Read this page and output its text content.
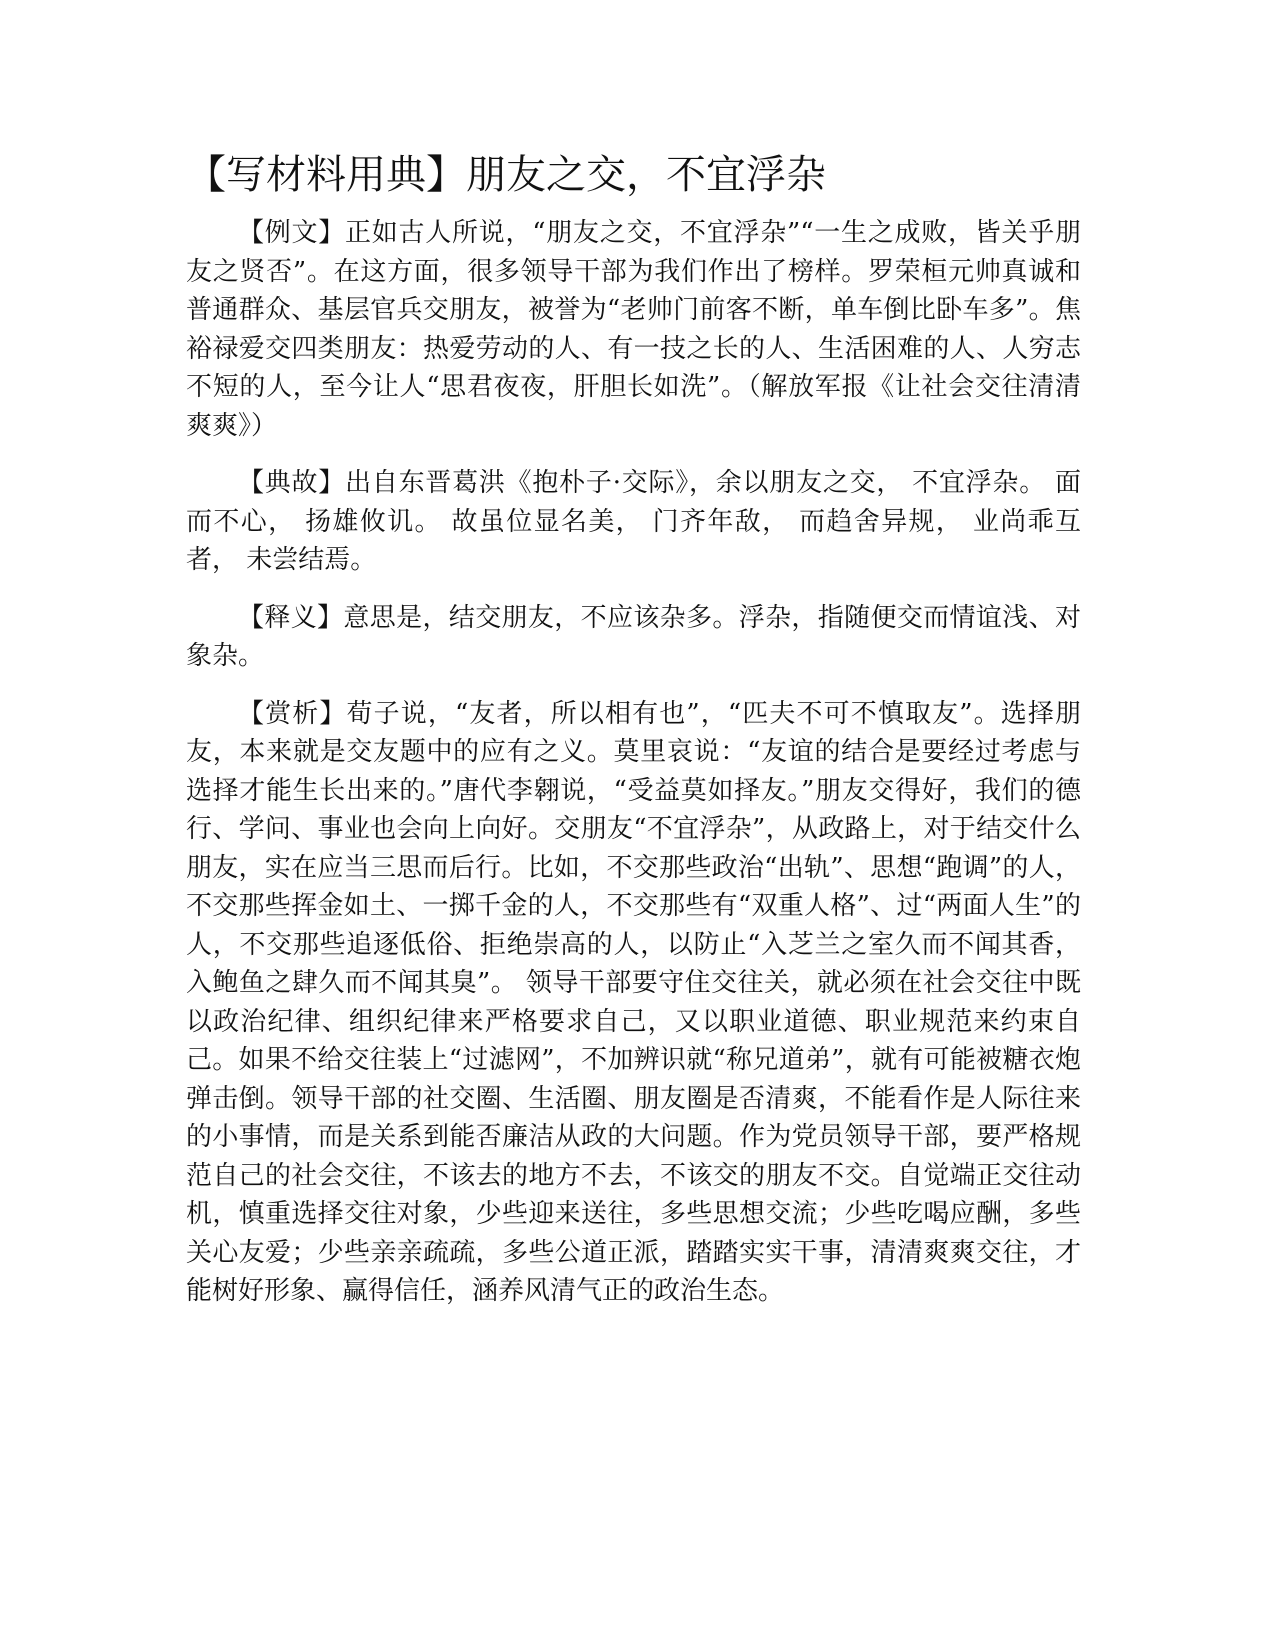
【写材料用典】朋友之交，不宜浮杂

【例文】正如古人所说，“朋友之交，不宜浮杂”“一生之成败，皆关乎朋友之贤否”。在这方面，很多领导干部为我们作出了榜样。罗荣桓元帅真诚和普通群众、基层官兵交朋友，被誉为“老帅门前客不断，单车倒比卧车多”。焦裕禄爱交四类朋友：热爱劳动的人、有一技之长的人、生活困难的人、人穷志不短的人，至今让人“思君夜夜，肝胆长如洗”。（解放军报《让社会交往清清爽爽》）

【典故】出自东晋葛洪《抱朴子·交际》，余以朋友之交， 不宜浮杂。 面而不心， 扬雄攸讥。 故虽位显名美， 门齐年敌， 而趋舍异规， 业尚乖互者， 未尝结焉。

【释义】意思是，结交朋友，不应该杂多。浮杂，指随便交而情谊浅、对象杂。

【赏析】荀子说，“友者，所以相有也”，“匹夫不可不慎取友”。选择朋友，本来就是交友题中的应有之义。莫里哀说：“友谊的结合是要经过考虑与选择才能生长出来的。”唐代李翱说，“受益莫如择友。”朋友交得好，我们的德行、学问、事业也会向上向好。交朋友“不宜浮杂”，从政路上，对于结交什么朋友，实在应当三思而后行。比如，不交那些政治“出轨”、思想“跑调”的人，不交那些挥金如土、一掷千金的人，不交那些有“双重人格”、过“两面人生”的人，不交那些追逐低俗、拒绝崇高的人，以防止“入芝兰之室久而不闻其香，入鲍鱼之肆久而不闻其臭”。 领导干部要守住交往关，就必须在社会交往中既以政治纪律、组织纪律来严格要求自己，又以职业道德、职业规范来约束自己。如果不给交往装上“过滤网”，不加辨识就“称兄道弟”，就有可能被糖衣炮弹击倒。领导干部的社交圈、生活圈、朋友圈是否清爽，不能看作是人际往来的小事情，而是关系到能否廉洁从政的大问题。作为党员领导干部，要严格规范自己的社会交往，不该去的地方不去，不该交的朋友不交。自觉端正交往动机，慎重选择交往对象，少些迎来送往，多些思想交流；少些吃喝应酬，多些关心友爱；少些亲亲疏疏，多些公道正派，踏踏实实干事，清清爽爽交往，才能树好形象、赢得信任，涵养风清气正的政治生态。
